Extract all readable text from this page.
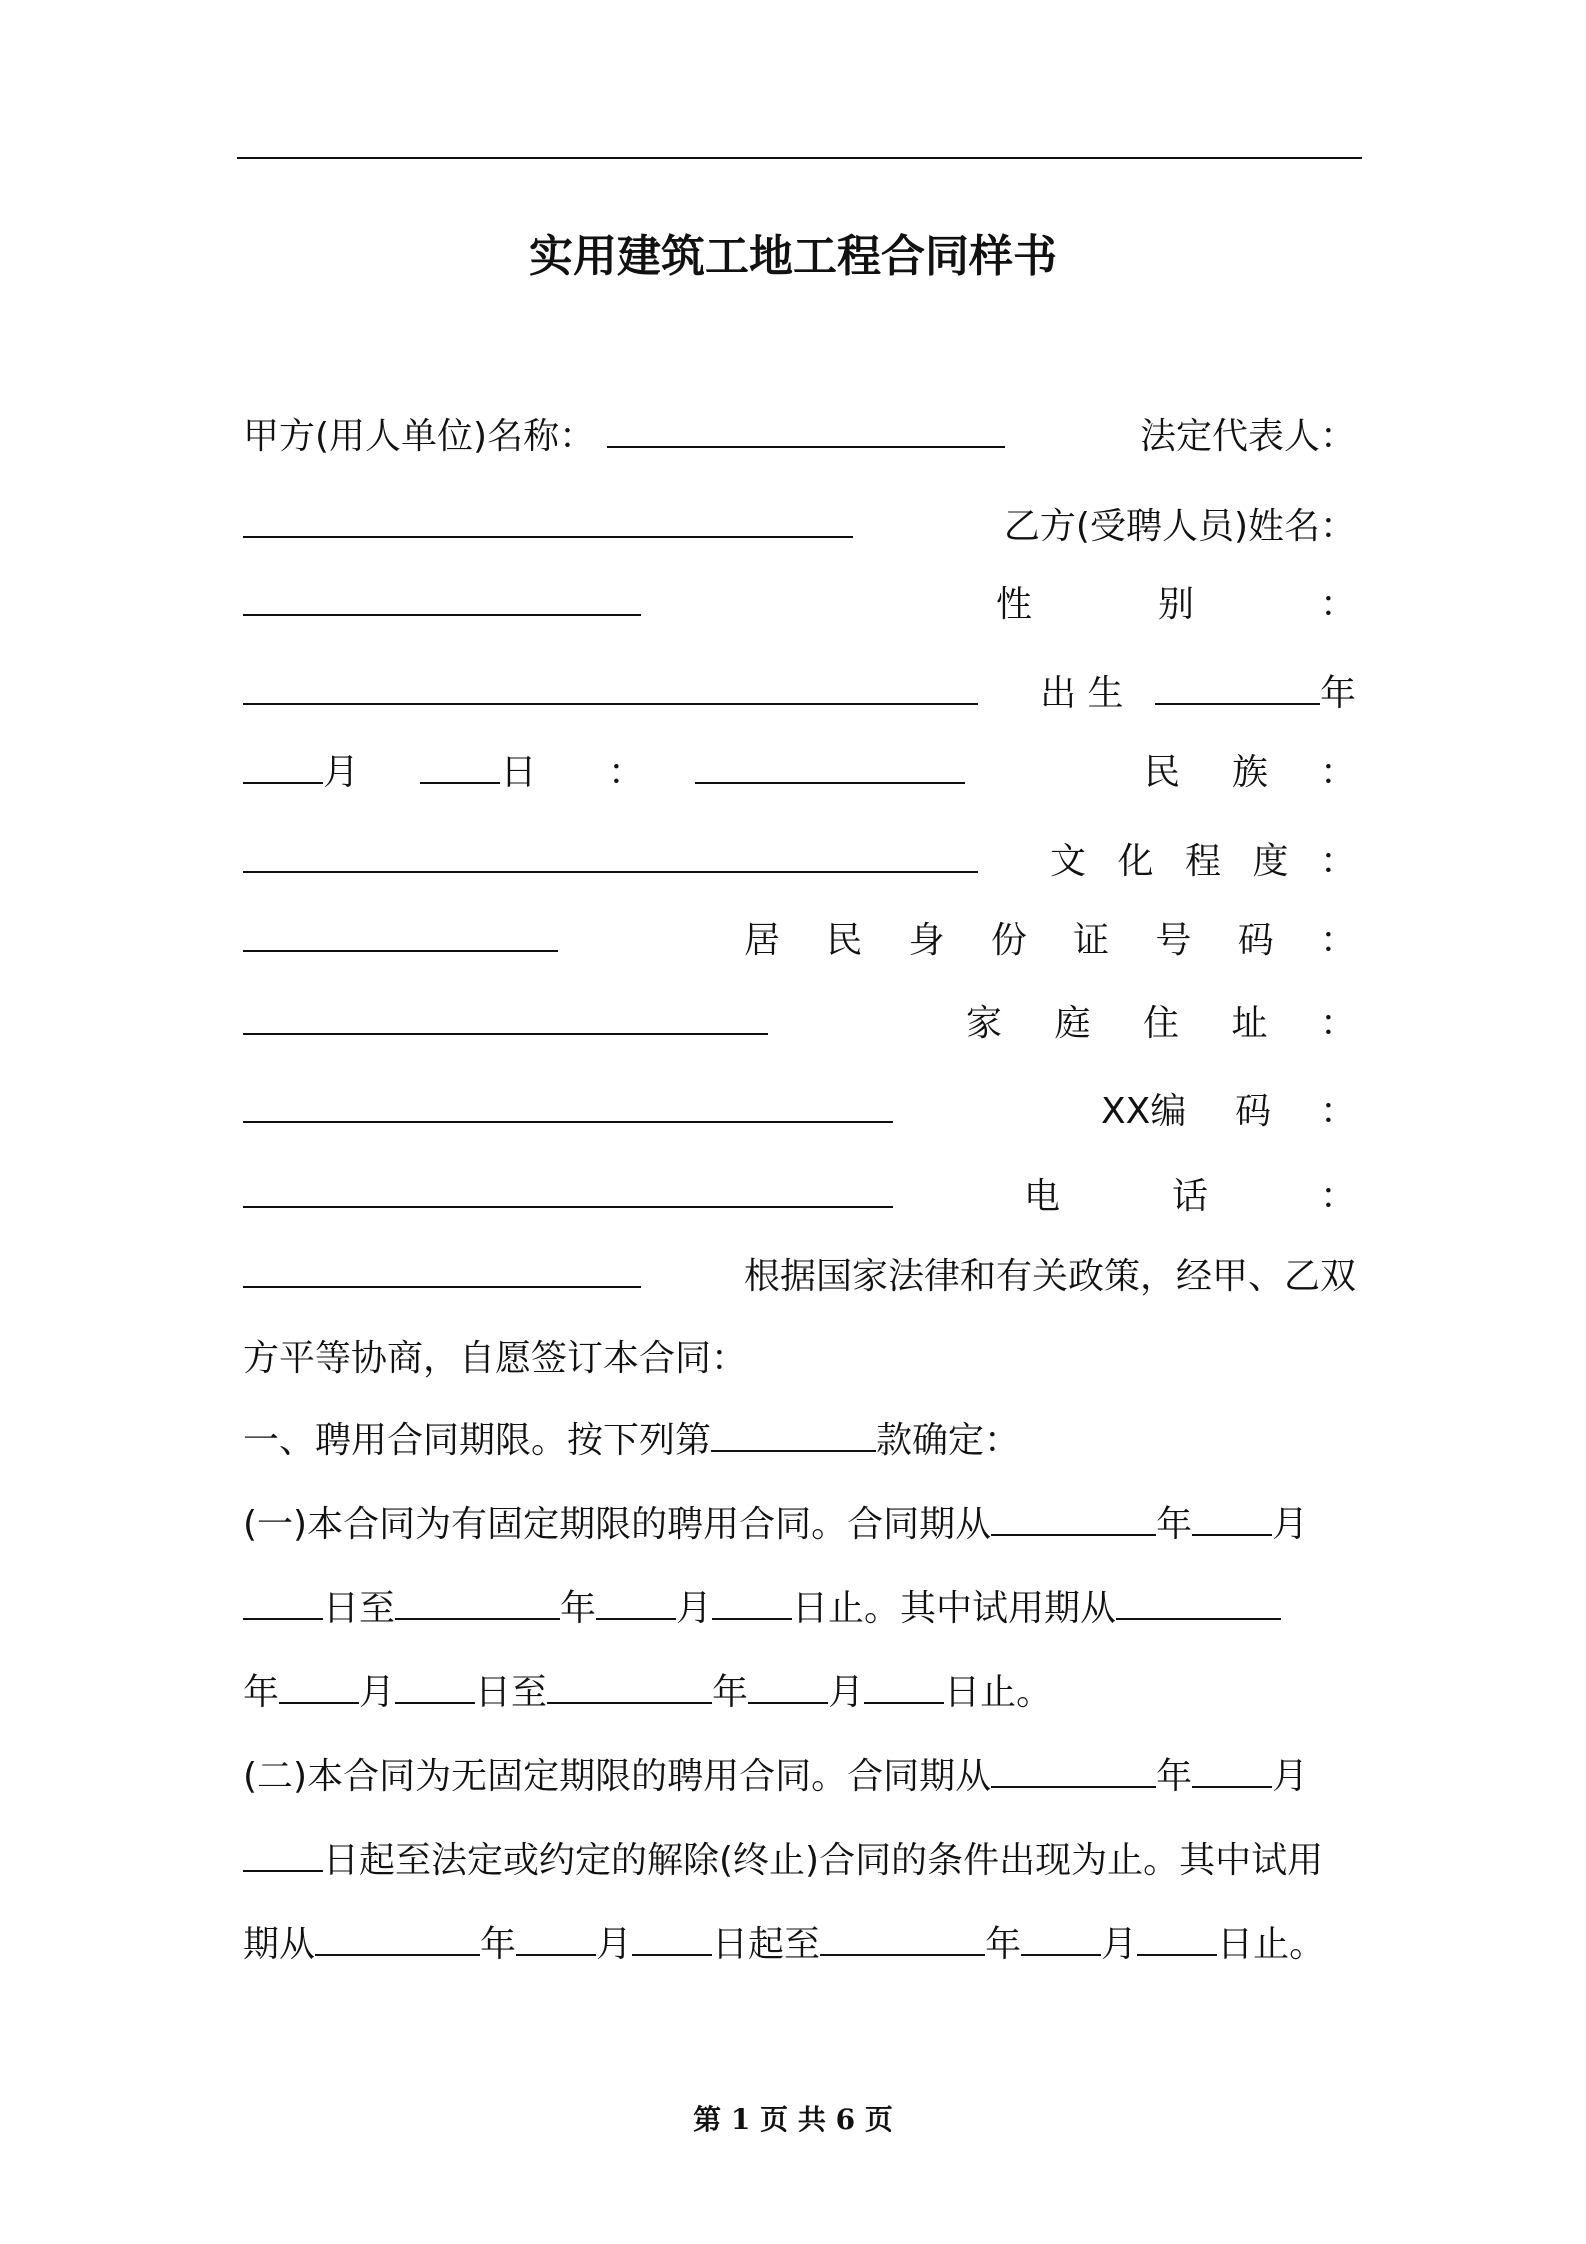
实用建筑工地工程合同样书
甲方(用人单位)名称：	法定代表人：
乙方(受聘人员)姓名：
性	别	：
出 生	年
月	日 ：	民 族 ：
文 化 程 度 ：
居 民 身 份 证 号 码 ：
家 庭 住 址 ：
XX编 码 ：
电	话	：
根据国家法律和有关政策，经甲、乙双
方平等协商，自愿签订本合同：
一、聘用合同期限。按下列第	款确定：
(一)本合同为有固定期限的聘用合同。合同期从	年 月
日至	年 月 日止。其中试用期从
年 月 日至	年 月 日止。
(二)本合同为无固定期限的聘用合同。合同期从	年 月
日起至法定或约定的解除(终止)合同的条件出现为止。其中试用
期从	年 月 日起至	年 月 日止。
第 1 页 共 6 页
